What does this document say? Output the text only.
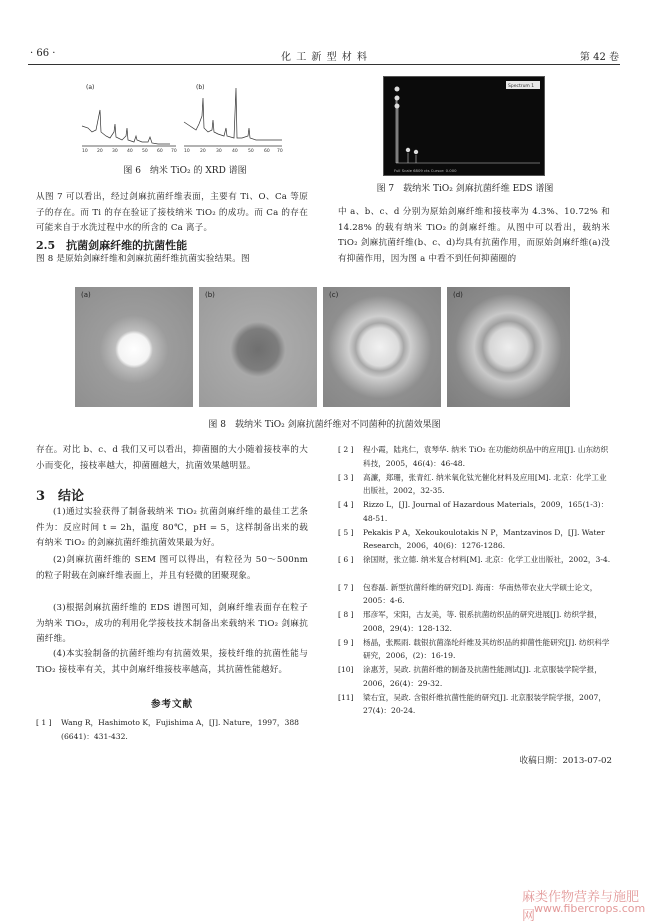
· 66 ·	化 工 新 型 材 料	第 42 卷
10 20 30 40 50 60 70 10 20 30 40 50 60 70
(a)	(b)
图 6　纳米 TiO₂ 的 XRD 谱图
Spectrum 1
Full Scale 6809 cts Cursor: 0.000
图 7　载纳米 TiO₂ 剑麻抗菌纤维 EDS 谱图
从图 7 可以看出，经过剑麻抗菌纤维表面，主要有 Ti、O、Ca 等原子的存在。而 Ti 的存在验证了接枝纳米 TiO₂ 的成功。而 Ca 的存在可能来自于水洗过程中水的所含的 Ca 离子。
2.5　抗菌剑麻纤维的抗菌性能
图 8 是原始剑麻纤维和剑麻抗菌纤维抗菌实验结果。图
中 a、b、c、d 分别为原始剑麻纤维和接枝率为 4.3%、10.72% 和 14.28% 的载有纳米 TiO₂ 的剑麻纤维。从图中可以看出，载纳米 TiO₂ 剑麻抗菌纤维(b、c、d)均具有抗菌作用，而原始剑麻纤维(a)没有抑菌作用，因为图 a 中看不到任何抑菌圈的
(a)	(b)	(c)	(d)
图 8　载纳米 TiO₂ 剑麻抗菌纤维对不同菌种的抗菌效果图
存在。对比 b、c、d 我们又可以看出，抑菌圈的大小随着接枝率的大小而变化，接枝率越大，抑菌圈越大，抗菌效果越明显。
3　结论
(1)通过实验获得了制备载纳米 TiO₂ 抗菌剑麻纤维的最佳工艺条件为：反应时间 t = 2h，温度 80℃，pH = 5，这样制备出来的载有纳米 TiO₂ 的剑麻抗菌纤维抗菌效果最为好。
(2)剑麻抗菌纤维的 SEM 图可以得出，有粒径为 50～500nm 的粒子附载在剑麻纤维表面上，并且有轻微的团聚现象。
(3)根据剑麻抗菌纤维的 EDS 谱图可知，剑麻纤维表面存在粒子为纳米 TiO₂，成功的利用化学接枝技术制备出来载纳米 TiO₂ 剑麻抗菌纤维。
(4)本实验制备的抗菌纤维均有抗菌效果，接枝纤维的抗菌性能与 TiO₂ 接枝率有关，其中剑麻纤维接枝率越高，其抗菌性能越好。
参考文献
[ 1 ]	Wang R，Hashimoto K，Fujishima A，[J]. Nature，1997，388 (6641)：431-432.
[ 2 ]	程小霞，陆兆仁，袁琴华. 纳米 TiO₂ 在功能纺织品中的应用[J]. 山东纺织科技，2005，46(4)：46-48.
[ 3 ]	高濂，郑珊，张青红. 纳米氧化钛光催化材料及应用[M]. 北京：化学工业出版社，2002，32-35.
[ 4 ]	Rizzo L，[J]. Journal of Hazardous Materials，2009，165(1-3)：48-51.
[ 5 ]	Pekakis P A，Xekoukoulotakis N P，Mantzavinos D，[J]. Water Research，2006，40(6)：1276-1286.
[ 6 ]	徐国财，张立德. 纳米复合材料[M]. 北京：化学工业出版社，2002，3-4.
[ 7 ]	包春磊. 新型抗菌纤维的研究[D]. 海南：华南热带农业大学硕士论文，2005：4-6.
[ 8 ]	邢彦军，宋阳，古友美，等. 银系抗菌纺织品的研究进展[J]. 纺织学报，2008，29(4)：128-132.
[ 9 ]	杨晶，张熙雨. 载银抗菌涤纶纤维及其纺织品的抑菌性能研究[J]. 纺织科学研究，2006，(2)：16-19.
[10]	涂惠芳，吴政. 抗菌纤维的制备及抗菌性能测试[J]. 北京服装学院学报，2006，26(4)：29-32.
[11]	梁右宜，吴政. 含银纤维抗菌性能的研究[J]. 北京服装学院学报，2007，27(4)：20-24.
收稿日期：2013-07-02
麻类作物营养与施肥网
www.fibercrops.com
